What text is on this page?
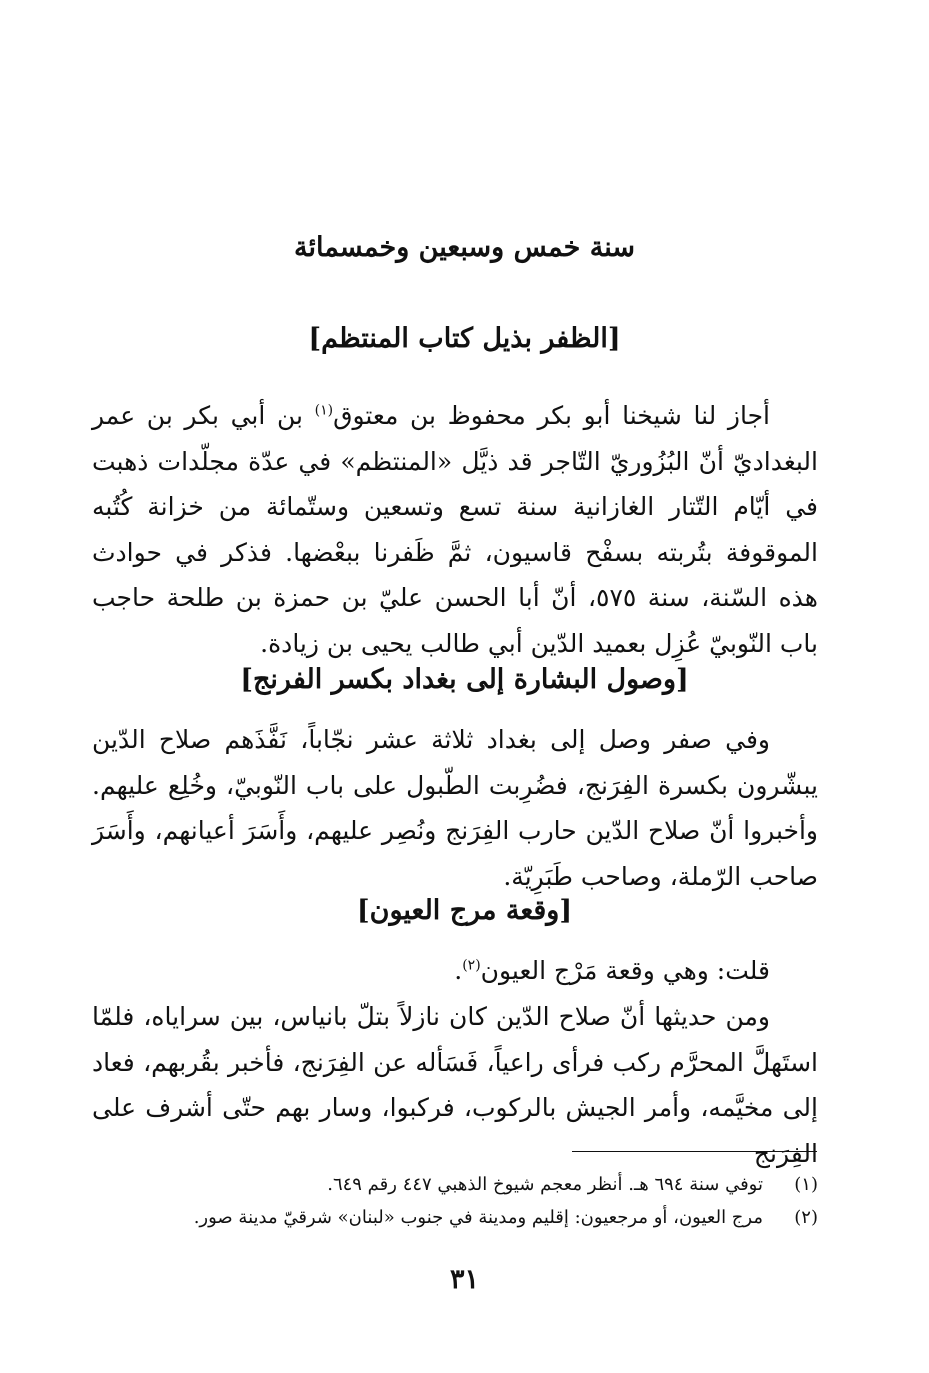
سنة خمس وسبعين وخمسمائة
[الظفر بذيل كتاب المنتظم]

أجاز لنا شيخنا أبو بكر محفوظ بن معتوق$^{(١)}$ بن أبي بكر بن عمر البغداديّ أنّ البُزُوريّ التّاجر قد ذيَّل «المنتظم» في عدّة مجلّدات ذهبت في أيّام التّتار الغازانية سنة تسع وتسعين وستّمائة من خزانة كُتُبه الموقوفة بتُربته بسفْح قاسيون، ثمَّ ظَفرنا ببعْضها. فذكر في حوادث هذه السّنة، سنة ٥٧٥، أنّ أبا الحسن عليّ بن حمزة بن طلحة حاجب باب النّوبيّ عُزِل بعميد الدّين أبي طالب يحيى بن زيادة.

[وصول البشارة إلى بغداد بكسر الفرنج]

وفي صفر وصل إلى بغداد ثلاثة عشر نجّاباً، نَفَّذَهم صلاح الدّين يبشّرون بكسرة الفِرَنج، فضُرِبت الطّبول على باب النّوبيّ، وخُلِع عليهم. وأخبروا أنّ صلاح الدّين حارب الفِرَنج ونُصِر عليهم، وأَسَرَ أعيانهم، وأَسَرَ صاحب الرّملة، وصاحب طَبَرِيّة.

[وقعة مرج العيون]

قلت: وهي وقعة مَرْج العيون$^{(٢)}$.

ومن حديثها أنّ صلاح الدّين كان نازلاً بتلّ بانياس، بين سراياه، فلمّا استَهلَّ المحرَّم ركب فرأى راعياً، فَسَأله عن الفِرَنج، فأخبر بقُربهم، فعاد إلى مخيَّمه، وأمر الجيش بالركوب، فركبوا، وسار بهم حتّى أشرف على الفِرَنج

(١)
توفي سنة ٦٩٤ هـ. أنظر معجم شيوخ الذهبي ٤٤٧ رقم ٦٤٩.
(٢)
مرج العيون، أو مرجعيون: إقليم ومدينة في جنوب «لبنان» شرقيّ مدينة صور.
٣١
